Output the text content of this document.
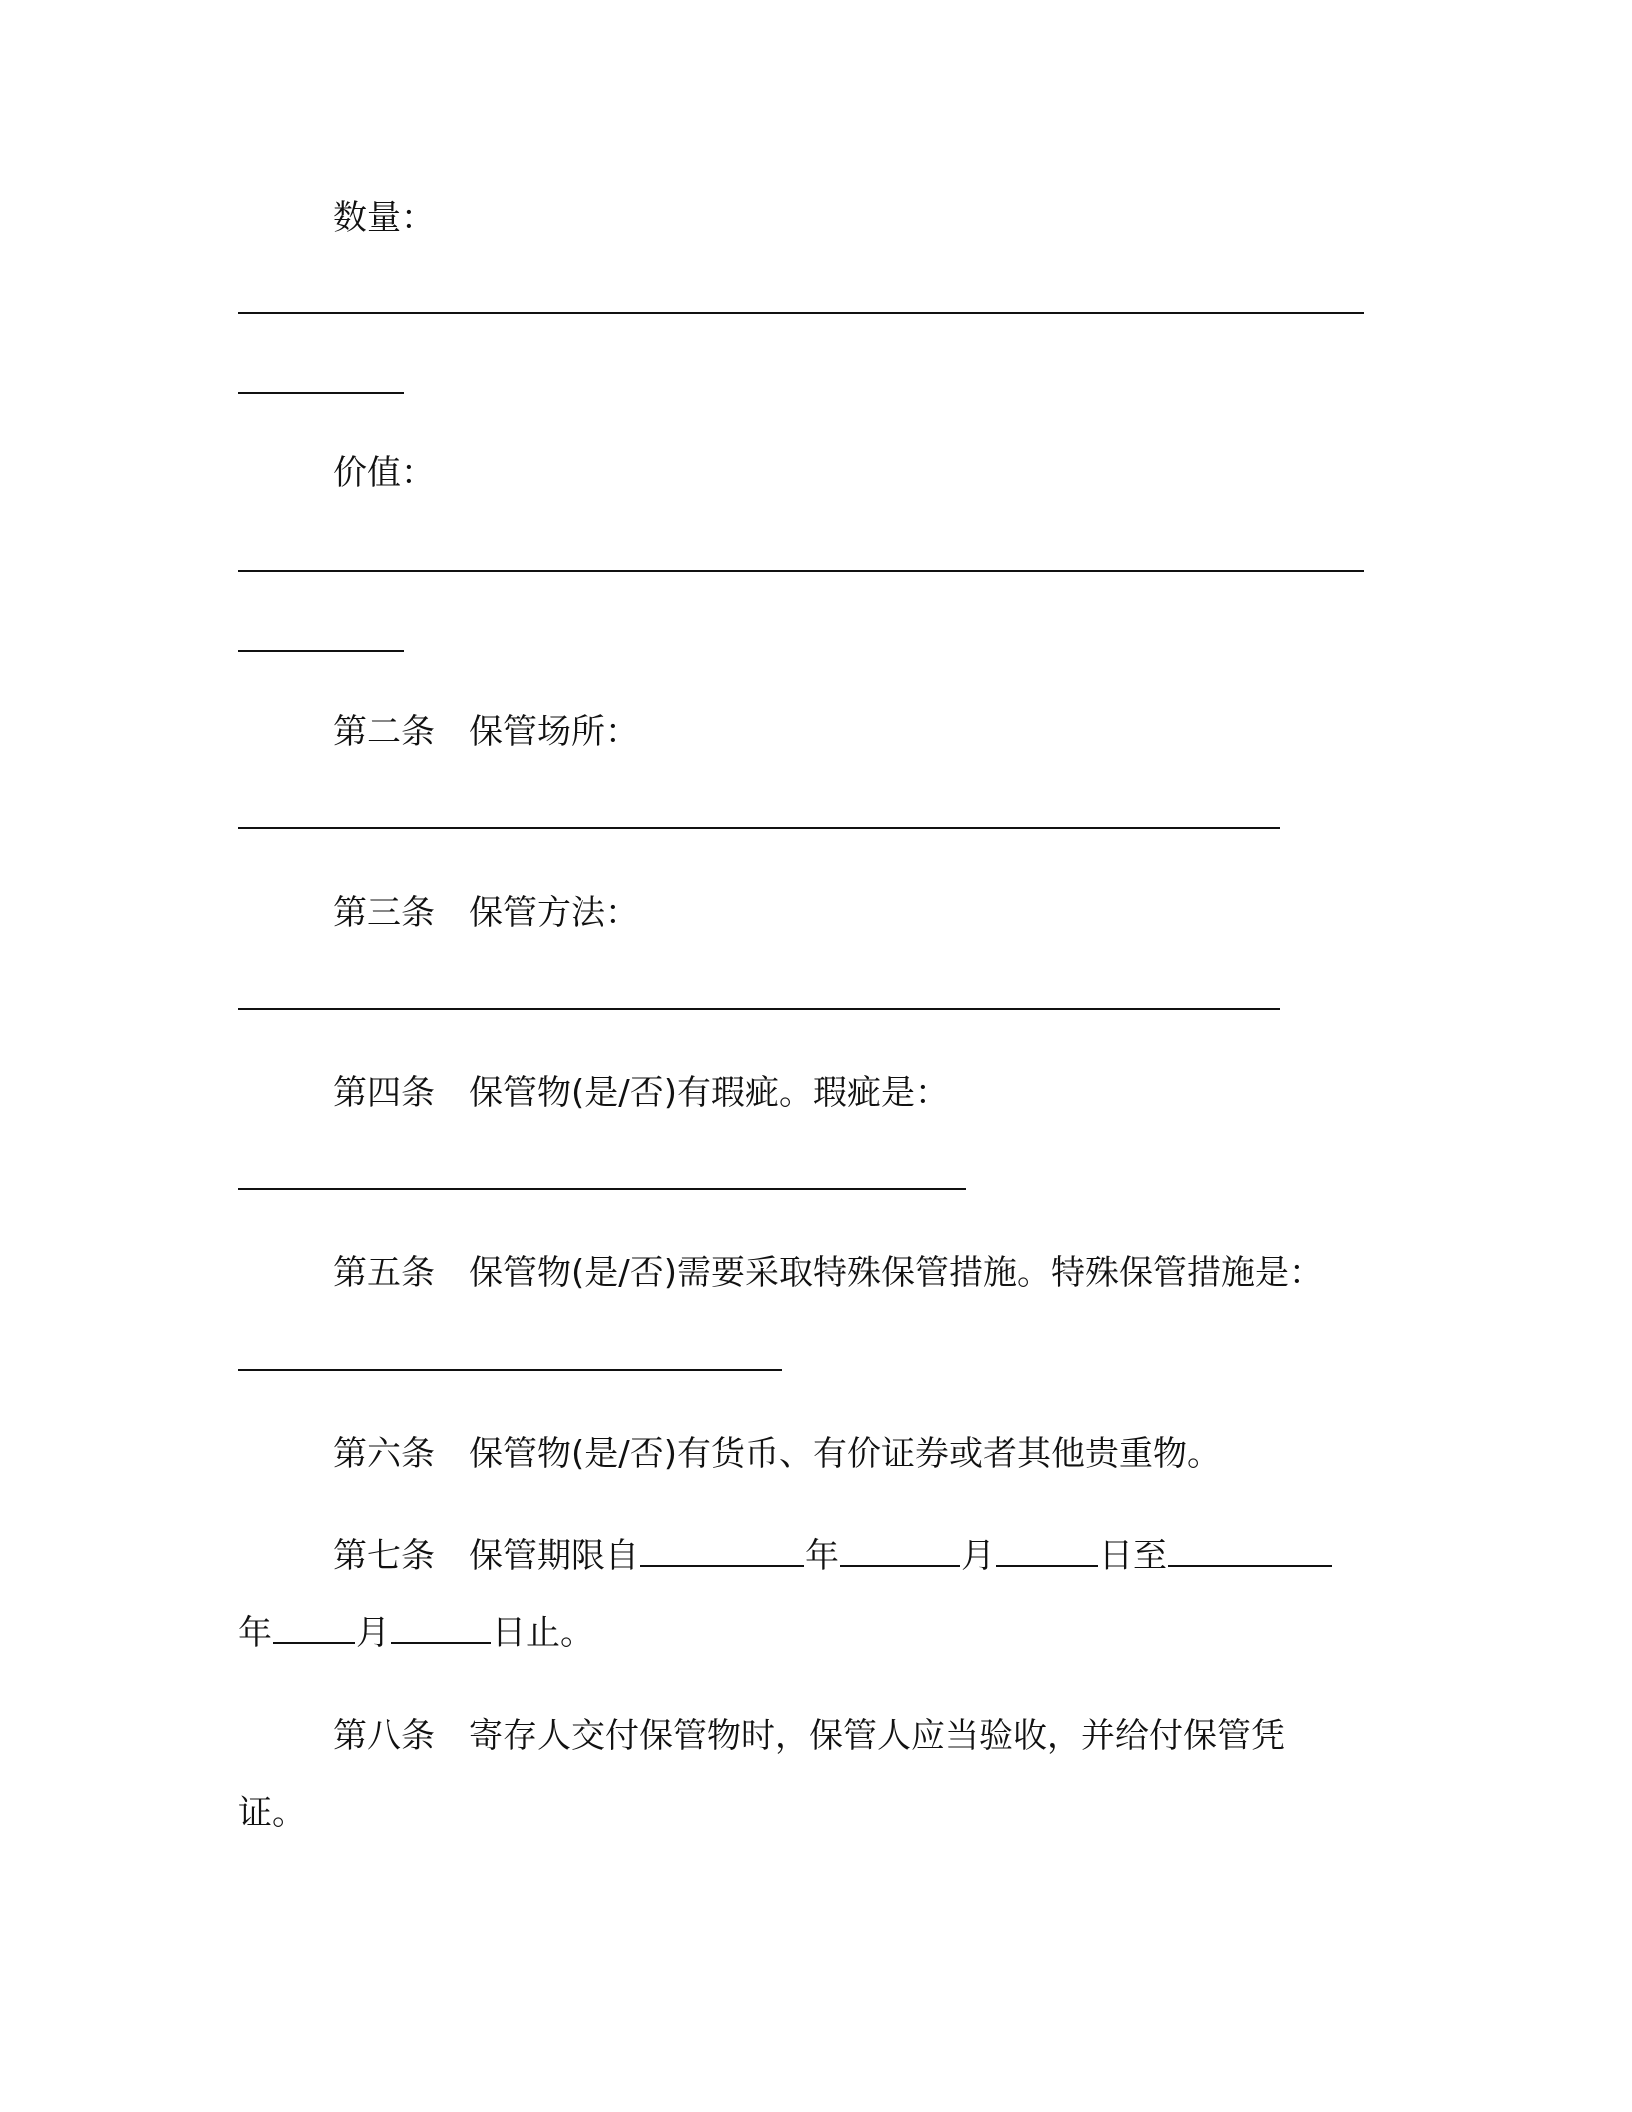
数量：
价值：
第二条　保管场所：
第三条　保管方法：
第四条　保管物(是/否)有瑕疵。瑕疵是：
第五条　保管物(是/否)需要采取特殊保管措施。特殊保管措施是：
第六条　保管物(是/否)有货币、有价证券或者其他贵重物。
第七条　保管期限自	年	月	日至
年 月	日止。
第八条　寄存人交付保管物时，保管人应当验收，并给付保管凭
证。
